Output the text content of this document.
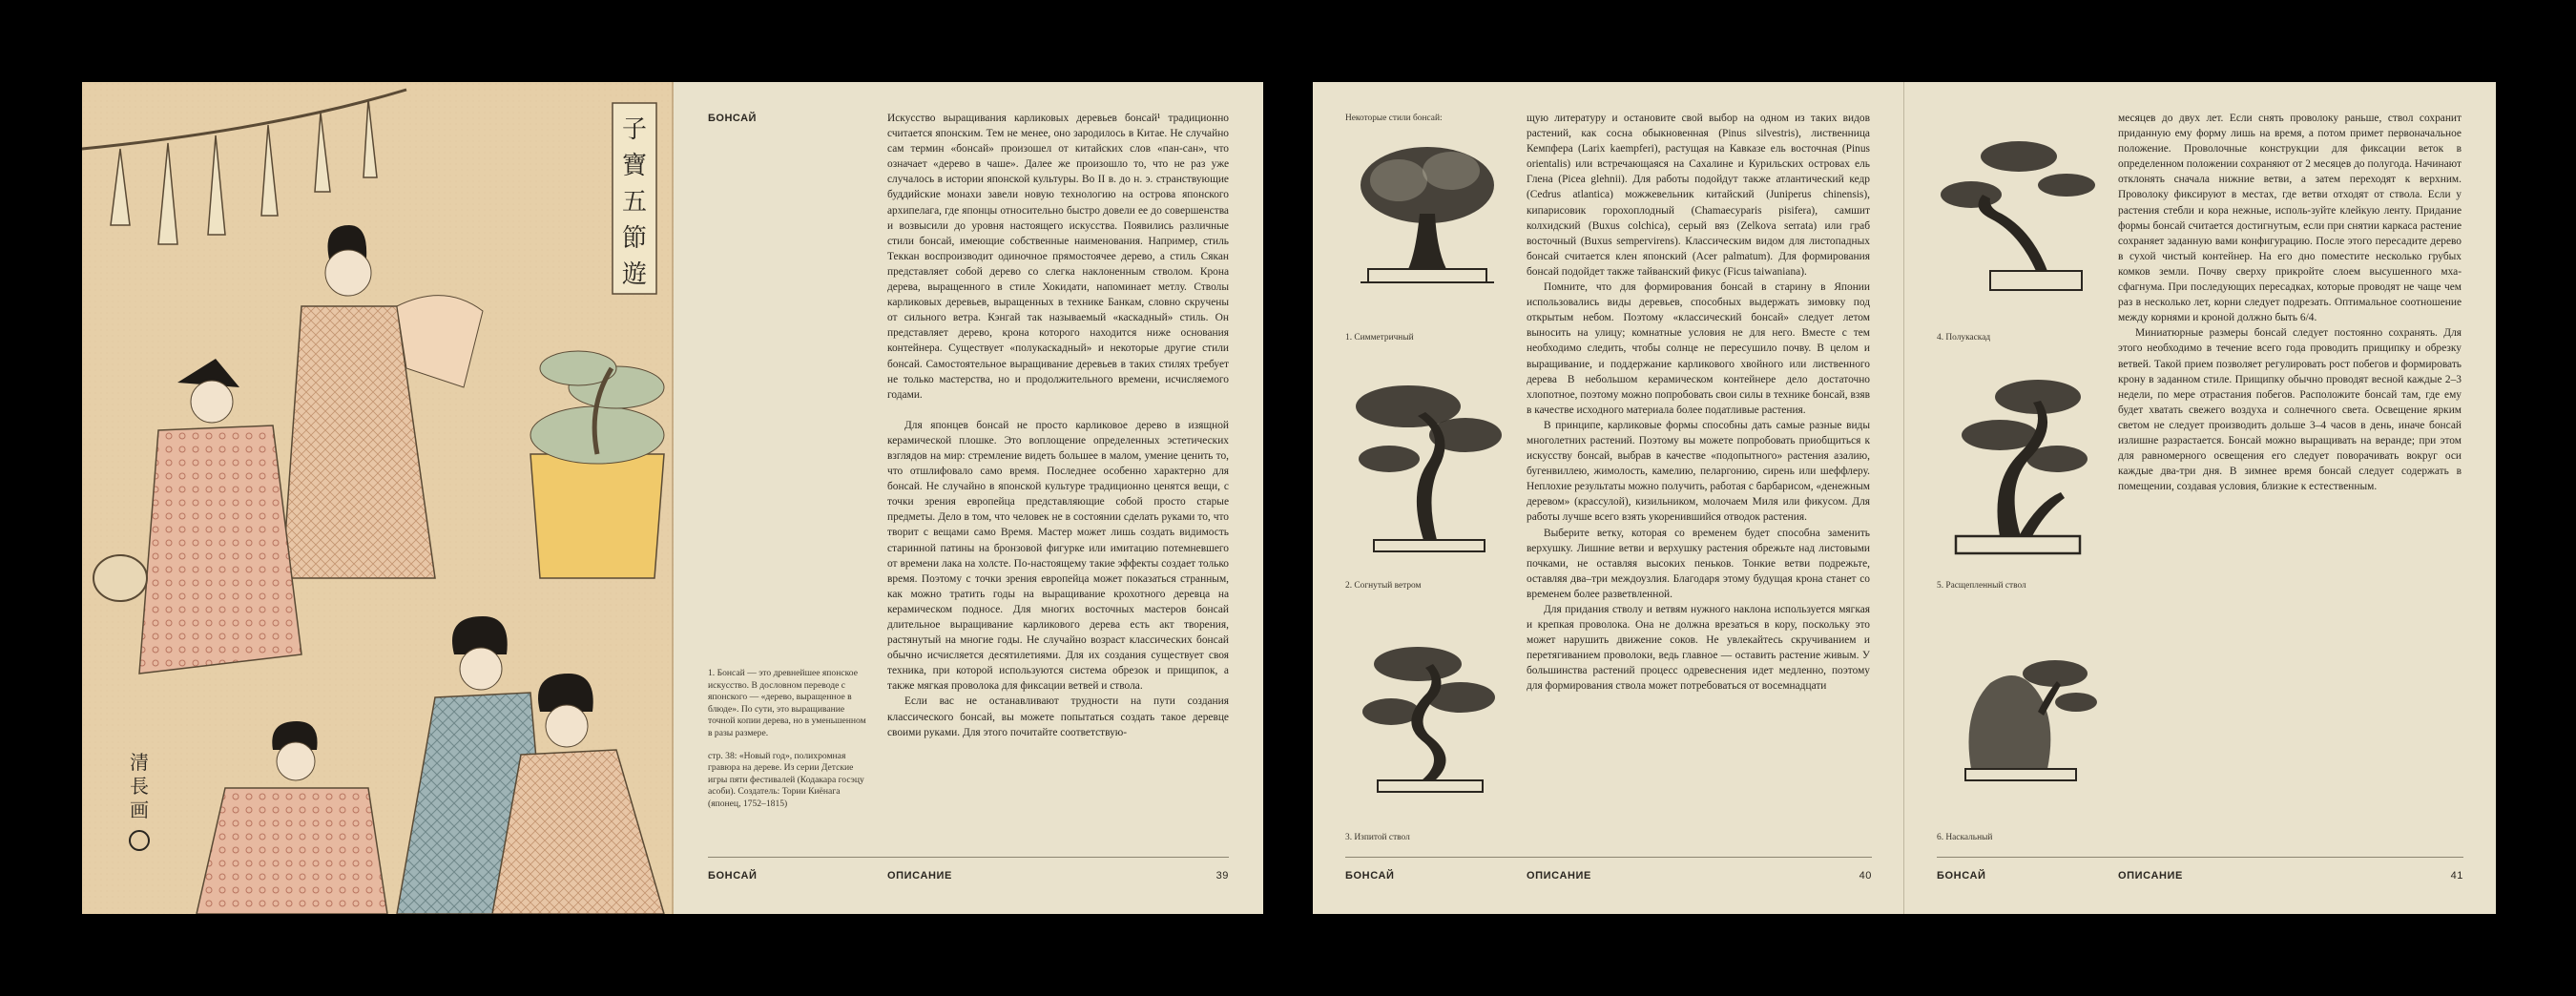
子
寶
五
節
遊
清
長
画
БОНСАЙ	Искусство выращивания карликовых деревьев бонсай¹ традиционно считается японским. Тем не менее, оно зародилось в Китае. Не случайно сам термин «бонсай» произошел от китайских слов «пан-сан», что означает «дерево в чаше». Далее же произошло то, что не раз уже случалось в истории японской культуры. Во II в. до н. э. странствующие буддийские монахи завели новую технологию на острова японского архипелага, где японцы относительно быстро довели ее до совершенства и возвысили до уровня настоящего искусства. Появились различные стили бонсай, имеющие собственные наименования. Например, стиль Теккан воспроизводит одиночное прямостоячее дерево, а стиль Сякан представляет собой дерево со слегка наклоненным стволом. Крона дерева, выращенного в стиле Хокидати, напоминает метлу. Стволы карликовых деревьев, выращенных в технике Банкам, словно скручены от сильного ветра. Кэнгай так называемый «каскадный» стиль. Он представляет дерево, крона которого находится ниже основания контейнера. Существует «полукаскадный» и некоторые другие стили бонсай. Самостоятельное выращивание деревьев в таких стилях требует не только мастерства, но и продолжительного времени, исчисляемого годами.

Для японцев бонсай не просто карликовое дерево в изящной керамической плошке. Это воплощение определенных эстетических взглядов на мир: стремление видеть большее в малом, умение ценить то, что отшлифовало само время. Последнее особенно характерно для бонсай. Не случайно в японской культуре традиционно ценятся вещи, с точки зрения европейца представляющие собой просто старые предметы. Дело в том, что человек не в состоянии сделать руками то, что творит с вещами само Время. Мастер может лишь создать видимость старинной патины на бронзовой фигурке или имитацию потемневшего от времени лака на холсте. По-настоящему такие эффекты создает только время. Поэтому с точки зрения европейца может показаться странным, как можно тратить годы на выращивание крохотного деревца на керамическом подносе. Для многих восточных мастеров бонсай длительное выращивание карликового дерева есть акт творения, растянутый на многие годы. Не случайно возраст классических бонсай обычно исчисляется десятилетиями. Для их создания существует своя техника, при которой используются система обрезок и прищипок, а также мягкая проволока для фиксации ветвей и ствола.

Если вас не останавливают трудности на пути создания классического бонсай, вы можете попытаться создать такое деревце своими руками. Для этого почитайте соответствую-

1. Бонсай — это древнейшее японское искусство. В дословном переводе с японского — «дерево, выращенное в блюде». По сути, это выращивание точной копии дерева, но в уменьшенном в разы размере.

стр. 38: «Новый год», полихромная гравюра на дереве. Из серии Детские игры пяти фестивалей (Кодакара госэцу асоби). Создатель: Тории Киёнага (японец, 1752–1815)

БОНСАЙ	ОПИСАНИЕ	39
Некоторые стили бонсай:
1. Симметричный
2. Согнутый ветром
3. Изпитой ствол

щую литературу и остановите свой выбор на одном из таких видов растений, как сосна обыкновенная (Pinus silvestris), лиственница Кемпфера (Larix kaempferi), растущая на Кавказе ель восточная (Pinus orientalis) или встречающаяся на Сахалине и Курильских островах ель Глена (Picea glehnii). Для работы подойдут также атлантический кедр (Cedrus atlantica) можжевельник китайский (Juniperus chinensis), кипарисовик горохоплодный (Chamaecyparis pisifera), самшит колхидский (Buxus colchica), серый вяз (Zelkova serrata) или граб восточный (Buxus sempervirens). Классическим видом для листопадных бонсай считается клен японский (Acer palmatum). Для формирования бонсай подойдет также тайванский фикус (Ficus taiwaniana).

Помните, что для формирования бонсай в старину в Японии использовались виды деревьев, способных выдержать зимовку под открытым небом. Поэтому «классический бонсай» следует летом выносить на улицу; комнатные условия не для него. Вместе с тем необходимо следить, чтобы солнце не пересушило почву. В целом и выращивание, и поддержание карликового хвойного или лиственного дерева В небольшом керамическом контейнере дело достаточно хлопотное, поэтому можно попробовать свои силы в технике бонсай, взяв в качестве исходного материала более податливые растения.

В принципе, карликовые формы способны дать самые разные виды многолетних растений. Поэтому вы можете попробовать приобщиться к искусству бонсай, выбрав в качестве «подопытного» растения азалию, бугенвиллею, жимолость, камелию, пеларгонию, сирень или шеффлеру. Неплохие результаты можно получить, работая с барбарисом, «денежным деревом» (крассулой), кизильником, молочаем Миля или фикусом. Для работы лучше всего взять укоренившийся отводок растения.

Выберите ветку, которая со временем будет способна заменить верхушку. Лишние ветви и верхушку растения обрежьте над листовыми почками, не оставляя высоких пеньков. Тонкие ветви подрежьте, оставляя два–три междоузлия. Благодаря этому будущая крона станет со временем более разветвленной.

Для придания стволу и ветвям нужного наклона используется мягкая и крепкая проволока. Она не должна врезаться в кору, поскольку это может нарушить движение соков. Не увлекайтесь скручиванием и перетягиванием проволоки, ведь главное — оставить растение живым. У большинства растений процесс одревеснения идет медленно, поэтому для формирования ствола может потребоваться от восемнадцати

БОНСАЙ	ОПИСАНИЕ	40
4. Полукаскад
5. Расщепленный ствол
6. Наскальный

месяцев до двух лет. Если снять проволоку раньше, ствол сохранит приданную ему форму лишь на время, а потом примет первоначальное положение. Проволочные конструкции для фиксации веток в определенном положении сохраняют от 2 месяцев до полугода. Начинают отклонять сначала нижние ветви, а затем переходят к верхним. Проволоку фиксируют в местах, где ветви отходят от ствола. Если у растения стебли и кора нежные, исполь-зуйте клейкую ленту. Придание формы бонсай считается достигнутым, если при снятии каркаса растение сохраняет заданную вами конфигурацию. После этого пересадите дерево в сухой чистый контейнер. На его дно поместите несколько грубых комков земли. Почву сверху прикройте слоем высушенного мха-сфагнума. При последующих пересадках, которые проводят не чаще чем раз в несколько лет, корни следует подрезать. Оптимальное соотношение между корнями и кроной должно быть 6/4.

Миниатюрные размеры бонсай следует постоянно сохранять. Для этого необходимо в течение всего года проводить прищипку и обрезку ветвей. Такой прием позволяет регулировать рост побегов и формировать крону в заданном стиле. Прищипку обычно проводят весной каждые 2–3 недели, по мере отрастания побегов. Расположите бонсай там, где ему будет хватать свежего воздуха и солнечного света. Освещение ярким светом не следует производить дольше 3–4 часов в день, иначе бонсай излишне разрастается. Бонсай можно выращивать на веранде; при этом для равномерного освещения его следует поворачивать вокруг оси каждые два-три дня. В зимнее время бонсай следует содержать в помещении, создавая условия, близкие к естественным.

БОНСАЙ	ОПИСАНИЕ	41
